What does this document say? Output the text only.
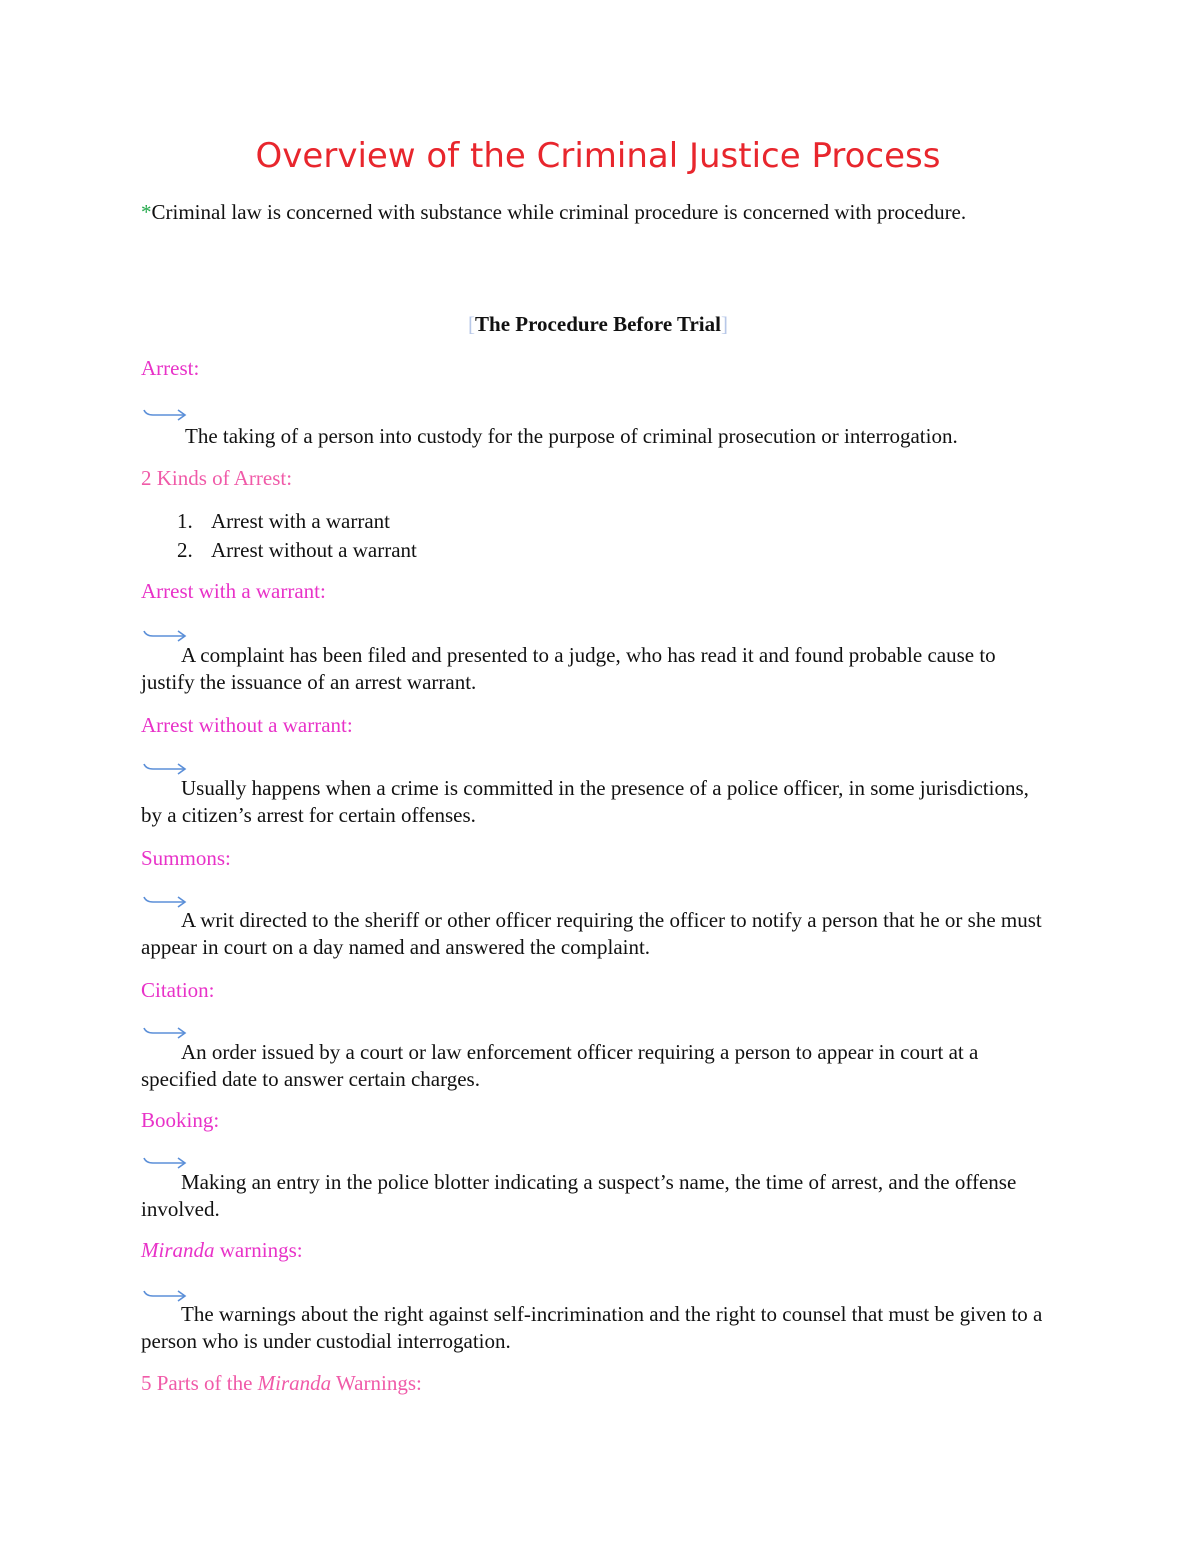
Overview of the Criminal Justice Process
*Criminal law is concerned with substance while criminal procedure is concerned with procedure.
[The Procedure Before Trial]
Arrest:
The taking of a person into custody for the purpose of criminal prosecution or interrogation.
2 Kinds of Arrest:
1. Arrest with a warrant
2. Arrest without a warrant
Arrest with a warrant:
A complaint has been filed and presented to a judge, who has read it and found probable cause to justify the issuance of an arrest warrant.
Arrest without a warrant:
Usually happens when a crime is committed in the presence of a police officer, in some jurisdictions, by a citizen’s arrest for certain offenses.
Summons:
A writ directed to the sheriff or other officer requiring the officer to notify a person that he or she must appear in court on a day named and answered the complaint.
Citation:
An order issued by a court or law enforcement officer requiring a person to appear in court at a specified date to answer certain charges.
Booking:
Making an entry in the police blotter indicating a suspect’s name, the time of arrest, and the offense involved.
Miranda warnings:
The warnings about the right against self-incrimination and the right to counsel that must be given to a person who is under custodial interrogation.
5 Parts of the Miranda Warnings:
